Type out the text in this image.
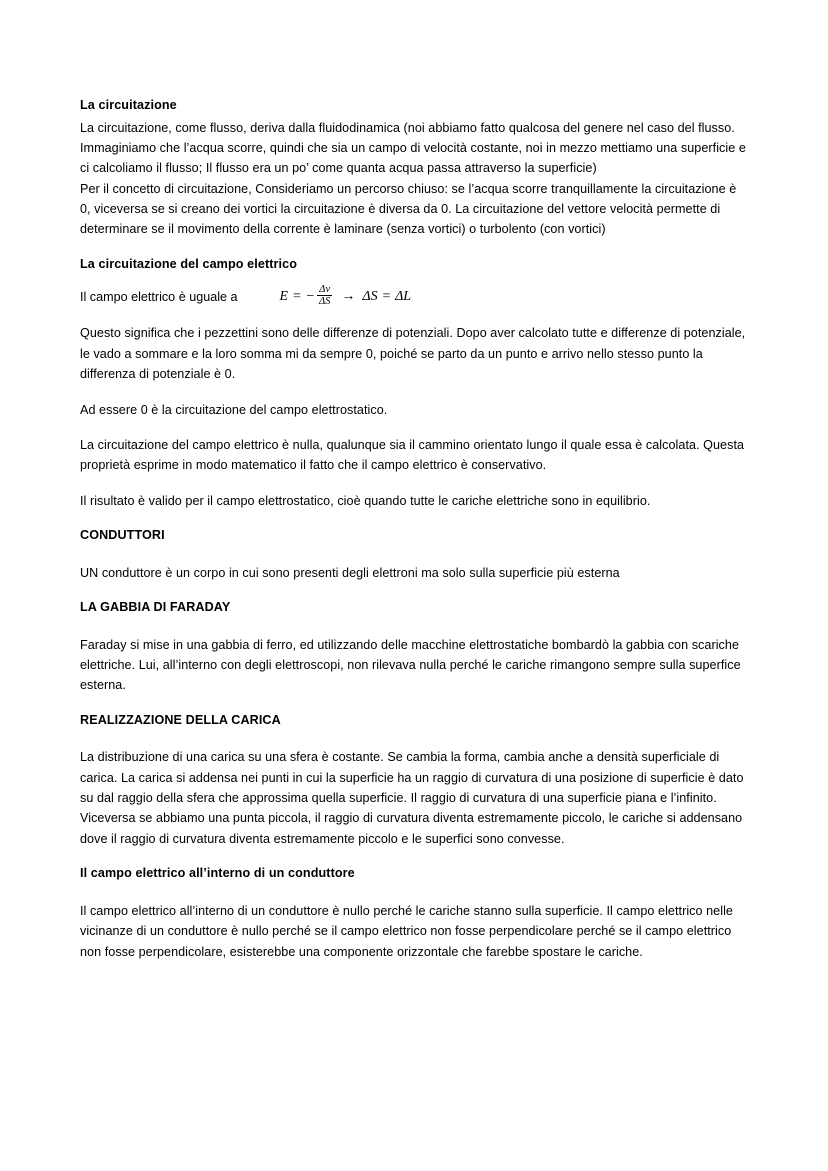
La circuitazione

La circuitazione, come flusso, deriva dalla fluidodinamica (noi abbiamo fatto qualcosa del genere nel caso del flusso. Immaginiamo che l’acqua scorre, quindi che sia un campo di velocità costante, noi in mezzo mettiamo una superficie e ci calcoliamo il flusso; Il flusso era un po’ come quanta acqua passa attraverso la superficie)

Per il concetto di circuitazione, Consideriamo un percorso chiuso: se l’acqua scorre tranquillamente la circuitazione è 0, viceversa se si creano dei vortici la circuitazione è diversa da 0. La circuitazione del vettore velocità permette di determinare se il movimento della corrente è laminare (senza vortici) o turbolento (con vortici)

La circuitazione del campo elettrico
Il campo elettrico è uguale a	E = − $\frac{\Delta v}{\Delta S} \to \Delta S = \Delta L$

Questo significa che i pezzettini sono delle differenze di potenziali. Dopo aver calcolato tutte e differenze di potenziale, le vado a sommare e la loro somma mi da sempre 0, poiché se parto da un punto e arrivo nello stesso punto la differenza di potenziale è 0.

Ad essere 0 è la circuitazione del campo elettrostatico.

La circuitazione del campo elettrico è nulla, qualunque sia il cammino orientato lungo il quale essa è calcolata. Questa proprietà esprime in modo matematico il fatto che il campo elettrico è conservativo.

Il risultato è valido per il campo elettrostatico, cioè quando tutte le cariche elettriche sono in equilibrio.

CONDUTTORI

UN conduttore è un corpo in cui sono presenti degli elettroni ma solo sulla superficie più esterna

LA GABBIA DI FARADAY

Faraday si mise in una gabbia di ferro, ed utilizzando delle macchine elettrostatiche bombardò la gabbia con scariche elettriche. Lui, all’interno con degli elettroscopi, non rilevava nulla perché le cariche rimangono sempre sulla superfice esterna.

REALIZZAZIONE DELLA CARICA

La distribuzione di una carica su una sfera è costante. Se cambia la forma, cambia anche a densità superficiale di carica. La carica si addensa nei punti in cui la superficie ha un raggio di curvatura di una posizione di superficie è dato su dal raggio della sfera che approssima quella superficie. Il raggio di curvatura di una superficie piana e l’infinito. Viceversa se abbiamo una punta piccola, il raggio di curvatura diventa estremamente piccolo, le cariche si addensano dove il raggio di curvatura diventa estremamente piccolo e le superfici sono convesse.

Il campo elettrico all’interno di un conduttore

Il campo elettrico all’interno di un conduttore è nullo perché le cariche stanno sulla superficie. Il campo elettrico nelle vicinanze di un conduttore è nullo perché se il campo elettrico non fosse perpendicolare perché se il campo elettrico non fosse perpendicolare, esisterebbe una componente orizzontale che farebbe spostare le cariche.
